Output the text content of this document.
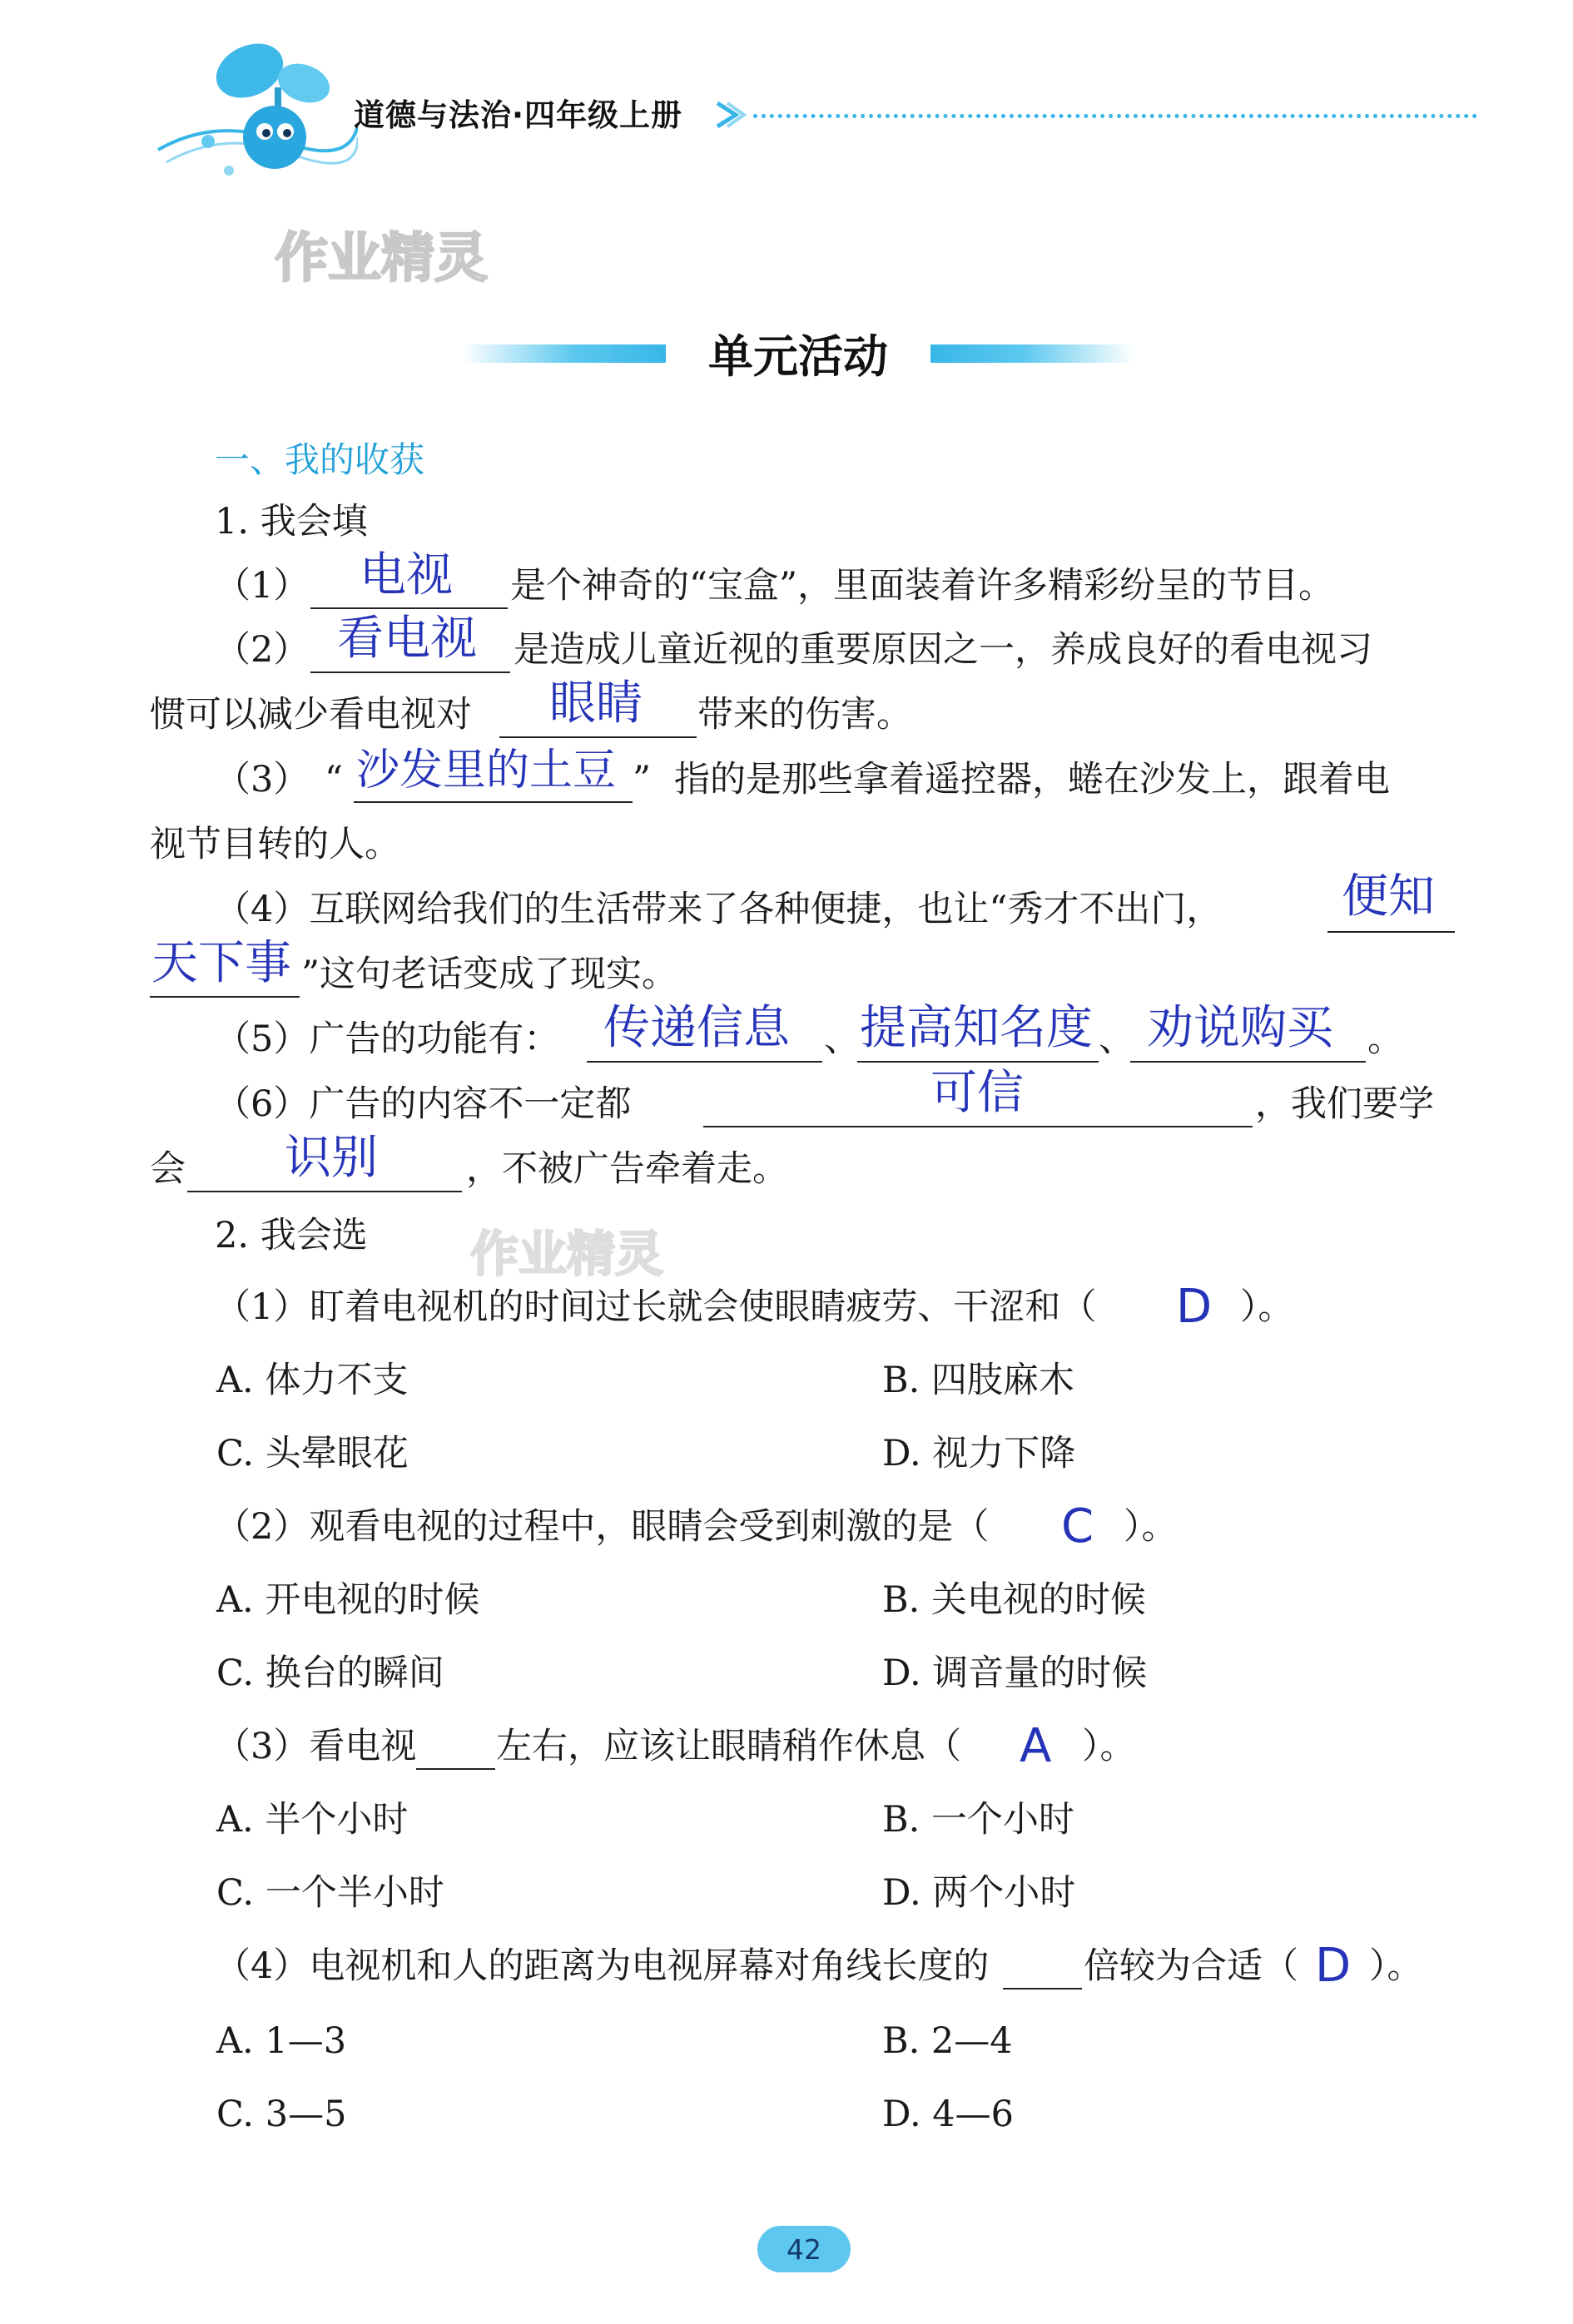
道德与法治·四年级上册
作业精灵
作业精灵
单元活动
一、我的收获
1. 我会填
（1） 电视 是个神奇的“宝盒”，里面装着许多精彩纷呈的节目。
（2） 看电视 是造成儿童近视的重要原因之一，养成良好的看电视习
惯可以减少看电视对 眼睛 带来的伤害。
（3） “ 沙发里的土豆 ” 指的是那些拿着遥控器，蜷在沙发上，跟着电
视节目转的人。
（4）互联网给我们的生活带来了各种便捷，也让“秀才不出门，	便知
天下事 ”这句老话变成了现实。
（5）广告的功能有： 传递信息 、 提高知名度 、 劝说购买 。
（6）广告的内容不一定都	可信	，我们要学
会 识别 ，不被广告牵着走。
2. 我会选
（1）盯着电视机的时间过长就会使眼睛疲劳、干涩和（ D ）。
A. 体力不支	B. 四肢麻木
C. 头晕眼花	D. 视力下降
（2）观看电视的过程中，眼睛会受到刺激的是（ C ）。
A. 开电视的时候	B. 关电视的时候
C. 换台的瞬间	D. 调音量的时候
（3）看电视 左右，应该让眼睛稍作休息（ A ）。
A. 半个小时	B. 一个小时
C. 一个半小时	D. 两个小时
（4）电视机和人的距离为电视屏幕对角线长度的	倍较为合适（ D ）。
A. 1—3	B. 2—4
C. 3—5	D. 4—6
42
